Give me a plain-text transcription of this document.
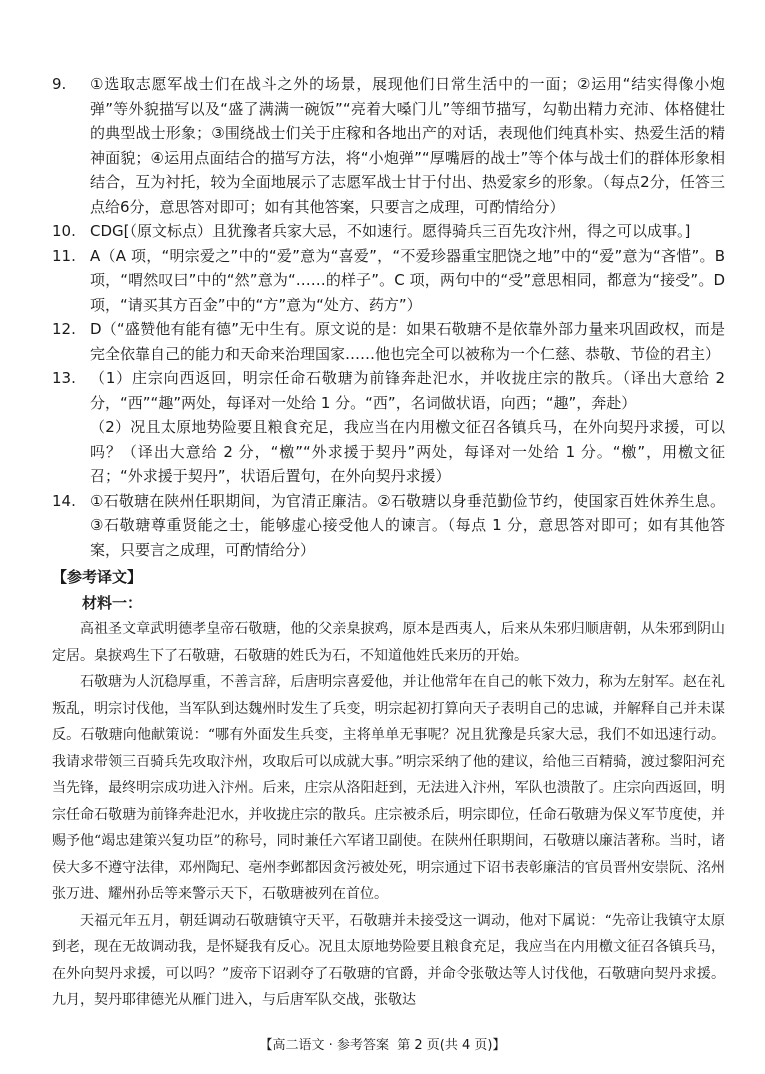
9.	①选取志愿军战士们在战斗之外的场景，展现他们日常生活中的一面；②运用“结实得像小炮弹”等外貌描写以及“盛了满满一碗饭”“亮着大嗓门儿”等细节描写，勾勒出精力充沛、体格健壮的典型战士形象；③围绕战士们关于庄稼和各地出产的对话，表现他们纯真朴实、热爱生活的精神面貌；④运用点面结合的描写方法，将“小炮弹”“厚嘴唇的战士”等个体与战士们的群体形象相结合，互为衬托，较为全面地展示了志愿军战士甘于付出、热爱家乡的形象。（每点2分，任答三点给6分，意思答对即可；如有其他答案，只要言之成理，可酌情给分）

10. CDG[（原文标点）且犹豫者兵家大忌，不如速行。愿得骑兵三百先攻汴州，得之可以成事。]

11. A（A 项，“明宗爱之”中的“爱”意为“喜爱”，“不爱珍器重宝肥饶之地”中的“爱”意为“吝惜”。B 项，“喟然叹曰”中的“然”意为“……的样子”。C 项，两句中的“受”意思相同，都意为“接受”。D 项，“请买其方百金”中的“方”意为“处方、药方”）

12. D（“盛赞他有能有德”无中生有。原文说的是：如果石敬瑭不是依靠外部力量来巩固政权，而是完全依靠自己的能力和天命来治理国家……他也完全可以被称为一个仁慈、恭敬、节俭的君主）

13. （1）庄宗向西返回，明宗任命石敬瑭为前锋奔赴汜水，并收拢庄宗的散兵。（译出大意给 2 分，“西”“趣”两处，每译对一处给 1 分。“西”，名词做状语，向西；“趣”，奔赴）

（2）况且太原地势险要且粮食充足，我应当在内用檄文征召各镇兵马，在外向契丹求援，可以吗？（译出大意给 2 分，“檄”“外求援于契丹”两处，每译对一处给 1 分。“檄”，用檄文征召；“外求援于契丹”，状语后置句，在外向契丹求援）

14. ①石敬瑭在陕州任职期间，为官清正廉洁。②石敬瑭以身垂范勤俭节约，使国家百姓休养生息。③石敬瑭尊重贤能之士，能够虚心接受他人的谏言。（每点 1 分，意思答对即可；如有其他答案，只要言之成理，可酌情给分）

【参考译文】
材料一：

高祖圣文章武明德孝皇帝石敬瑭，他的父亲臬捩鸡，原本是西夷人，后来从朱邪归顺唐朝，从朱邪到阴山定居。臬捩鸡生下了石敬瑭，石敬瑭的姓氏为石，不知道他姓氏来历的开始。

石敬瑭为人沉稳厚重，不善言辞，后唐明宗喜爱他，并让他常年在自己的帐下效力，称为左射军。赵在礼叛乱，明宗讨伐他，当军队到达魏州时发生了兵变，明宗起初打算向天子表明自己的忠诚，并解释自己并未谋反。石敬瑭向他献策说：“哪有外面发生兵变，主将单单无事呢？况且犹豫是兵家大忌，我们不如迅速行动。我请求带领三百骑兵先攻取汴州，攻取后可以成就大事。”明宗采纳了他的建议，给他三百精骑，渡过黎阳河充当先锋，最终明宗成功进入汴州。后来，庄宗从洛阳赶到，无法进入汴州，军队也溃散了。庄宗向西返回，明宗任命石敬瑭为前锋奔赴汜水，并收拢庄宗的散兵。庄宗被杀后，明宗即位，任命石敬瑭为保义军节度使，并赐予他“竭忠建策兴复功臣”的称号，同时兼任六军诸卫副使。在陕州任职期间，石敬瑭以廉洁著称。当时，诸侯大多不遵守法律，邓州陶玘、亳州李邺都因贪污被处死，明宗通过下诏书表彰廉洁的官员晋州安崇阮、洺州张万进、耀州孙岳等来警示天下，石敬瑭被列在首位。

天福元年五月，朝廷调动石敬瑭镇守天平，石敬瑭并未接受这一调动，他对下属说：“先帝让我镇守太原到老，现在无故调动我，是怀疑我有反心。况且太原地势险要且粮食充足，我应当在内用檄文征召各镇兵马，在外向契丹求援，可以吗？”废帝下诏剥夺了石敬瑭的官爵，并命令张敬达等人讨伐他，石敬瑭向契丹求援。九月，契丹耶律德光从雁门进入，与后唐军队交战，张敬达

【高二语文 · 参考答案 第 2 页(共 4 页)】
